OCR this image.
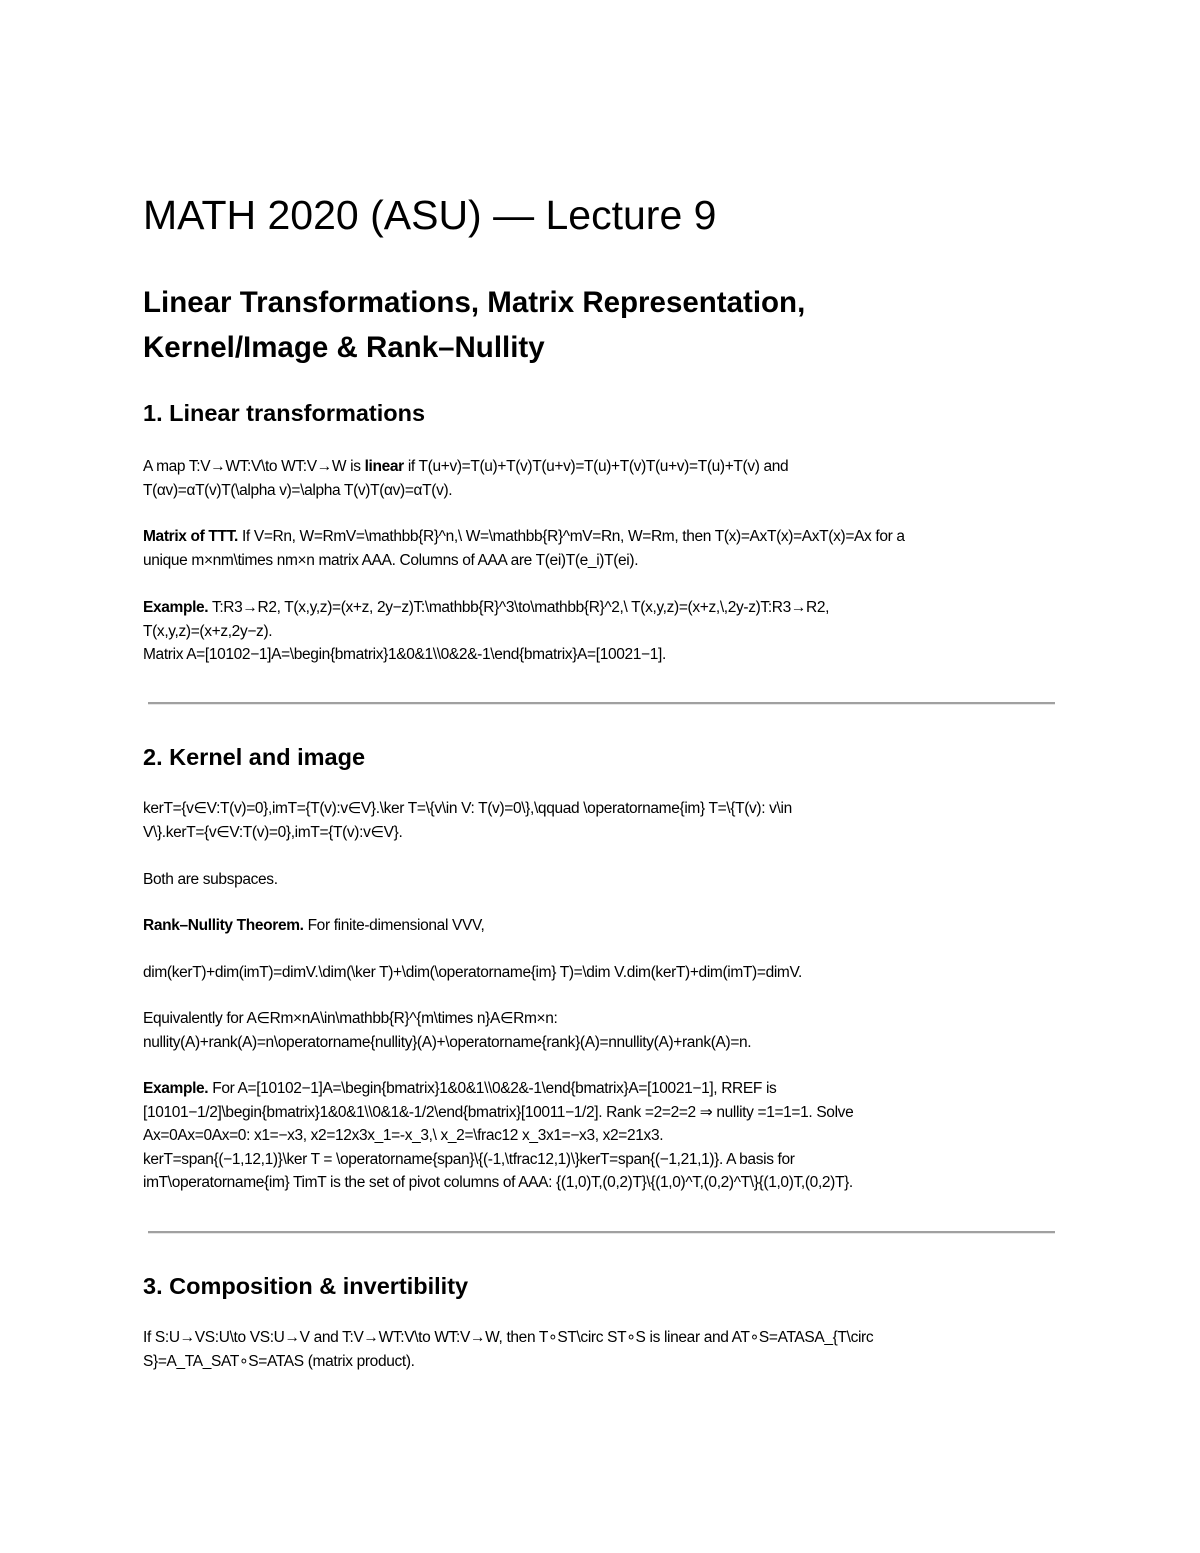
MATH 2020 (ASU) — Lecture 9
Linear Transformations, Matrix Representation,
Kernel/Image & Rank–Nullity
1. Linear transformations

A map T:V→WT:V\to WT:V→W is linear if T(u+v)=T(u)+T(v)T(u+v)=T(u)+T(v)T(u+v)=T(u)+T(v) and
T(αv)=αT(v)T(\alpha v)=\alpha T(v)T(αv)=αT(v).

Matrix of TTT. If V=Rn, W=RmV=\mathbb{R}^n,\ W=\mathbb{R}^mV=Rn, W=Rm, then T(x)=AxT(x)=AxT(x)=Ax for a
unique m×nm\times nm×n matrix AAA. Columns of AAA are T(ei)T(e_i)T(ei).

Example. T:R3→R2, T(x,y,z)=(x+z, 2y−z)T:\mathbb{R}^3\to\mathbb{R}^2,\ T(x,y,z)=(x+z,\,2y-z)T:R3→R2,
T(x,y,z)=(x+z,2y−z).
Matrix A=[10102−1]A=\begin{bmatrix}1&0&1\\0&2&-1\end{bmatrix}A=[10021−1].

2. Kernel and image

kerT={v∈V:T(v)=0},imT={T(v):v∈V}.\ker T=\{v\in V: T(v)=0\},\qquad \operatorname{im} T=\{T(v): v\in
V\}.kerT={v∈V:T(v)=0},imT={T(v):v∈V}.

Both are subspaces.

Rank–Nullity Theorem. For finite-dimensional VVV,

dim(kerT)+dim(imT)=dimV.\dim(\ker T)+\dim(\operatorname{im} T)=\dim V.dim(kerT)+dim(imT)=dimV.

Equivalently for A∈Rm×nA\in\mathbb{R}^{m\times n}A∈Rm×n:
nullity(A)+rank(A)=n\operatorname{nullity}(A)+\operatorname{rank}(A)=nnullity(A)+rank(A)=n.

Example. For A=[10102−1]A=\begin{bmatrix}1&0&1\\0&2&-1\end{bmatrix}A=[10021−1], RREF is
[10101−1/2]\begin{bmatrix}1&0&1\\0&1&-1/2\end{bmatrix}[10011−1/2]. Rank =2=2=2 ⇒ nullity =1=1=1. Solve
Ax=0Ax=0Ax=0: x1=−x3, x2=12x3x_1=-x_3,\ x_2=\frac12 x_3x1=−x3, x2=21x3.
kerT=span{(−1,12,1)}\ker T = \operatorname{span}\{(-1,\tfrac12,1)\}kerT=span{(−1,21,1)}. A basis for
imT\operatorname{im} TimT is the set of pivot columns of AAA: {(1,0)T,(0,2)T}\{(1,0)^T,(0,2)^T\}{(1,0)T,(0,2)T}.

3. Composition & invertibility

If S:U→VS:U\to VS:U→V and T:V→WT:V\to WT:V→W, then T∘ST\circ ST∘S is linear and AT∘S=ATASA_{T\circ
S}=A_TA_SAT∘S=ATAS (matrix product).
